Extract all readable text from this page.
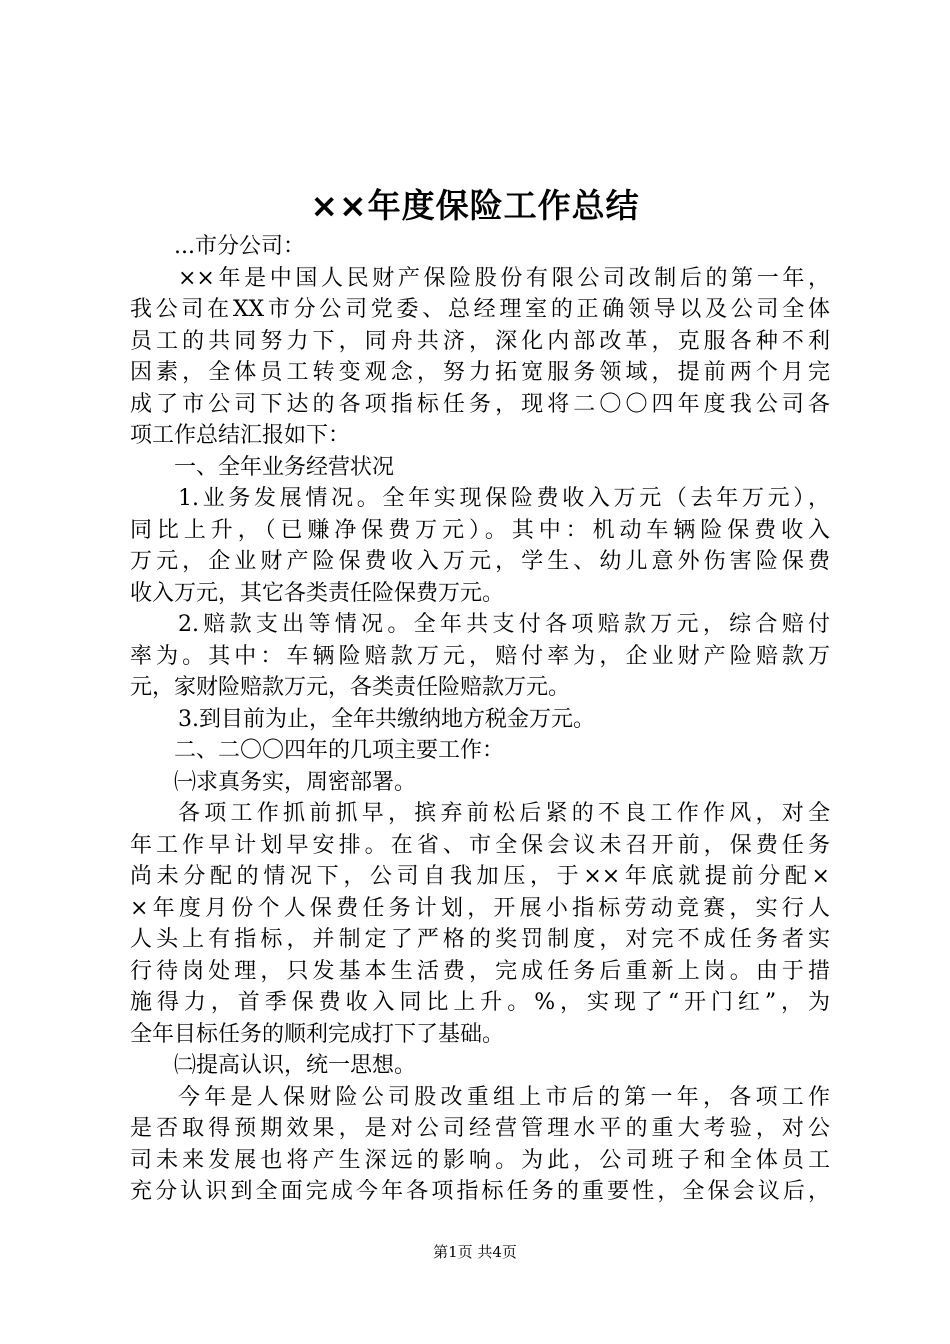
××年度保险工作总结
...市分公司：
××年是中国人民财产保险股份有限公司改制后的第一年，
我公司在XX市分公司党委、总经理室的正确领导以及公司全体
员工的共同努力下，同舟共济，深化内部改革，克服各种不利
因素，全体员工转变观念，努力拓宽服务领域，提前两个月完
成了市公司下达的各项指标任务，现将二〇〇四年度我公司各
项工作总结汇报如下：
一、全年业务经营状况
1.业务发展情况。全年实现保险费收入万元（去年万元），
同比上升，（已赚净保费万元）。其中：机动车辆险保费收入
万元，企业财产险保费收入万元，学生、幼儿意外伤害险保费
收入万元，其它各类责任险保费万元。
2.赔款支出等情况。全年共支付各项赔款万元，综合赔付
率为。其中：车辆险赔款万元，赔付率为，企业财产险赔款万
元，家财险赔款万元，各类责任险赔款万元。
3.到目前为止，全年共缴纳地方税金万元。
二、二〇〇四年的几项主要工作：
㈠求真务实，周密部署。
各项工作抓前抓早，摈弃前松后紧的不良工作作风，对全
年工作早计划早安排。在省、市全保会议未召开前，保费任务
尚未分配的情况下，公司自我加压，于××年底就提前分配×
×年度月份个人保费任务计划，开展小指标劳动竞赛，实行人
人头上有指标，并制定了严格的奖罚制度，对完不成任务者实
行待岗处理，只发基本生活费，完成任务后重新上岗。由于措
施得力，首季保费收入同比上升。%，实现了“开门红”，为
全年目标任务的顺利完成打下了基础。
㈡提高认识，统一思想。
今年是人保财险公司股改重组上市后的第一年，各项工作
是否取得预期效果，是对公司经营管理水平的重大考验，对公
司未来发展也将产生深远的影响。为此，公司班子和全体员工
充分认识到全面完成今年各项指标任务的重要性，全保会议后，
第1页 共4页
